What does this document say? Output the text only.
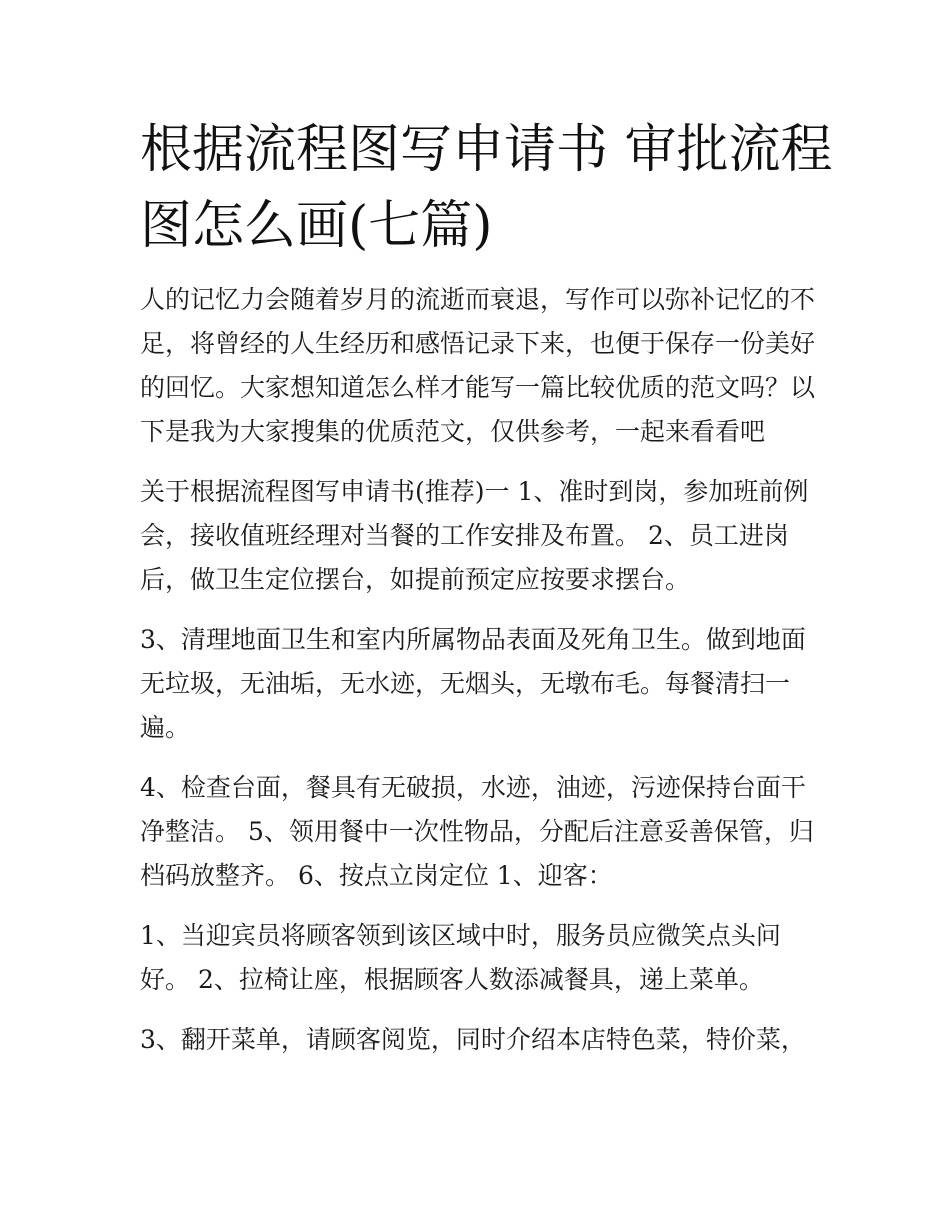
根据流程图写申请书 审批流程
图怎么画(七篇)
人的记忆力会随着岁月的流逝而衰退，写作可以弥补记忆的不
足，将曾经的人生经历和感悟记录下来，也便于保存一份美好
的回忆。大家想知道怎么样才能写一篇比较优质的范文吗？以
下是我为大家搜集的优质范文，仅供参考，一起来看看吧
关于根据流程图写申请书(推荐)一 1、准时到岗，参加班前例
会，接收值班经理对当餐的工作安排及布置。 2、员工进岗
后，做卫生定位摆台，如提前预定应按要求摆台。
3、清理地面卫生和室内所属物品表面及死角卫生。做到地面
无垃圾，无油垢，无水迹，无烟头，无墩布毛。每餐清扫一
遍。
4、检查台面，餐具有无破损，水迹，油迹，污迹保持台面干
净整洁。 5、领用餐中一次性物品，分配后注意妥善保管，归
档码放整齐。 6、按点立岗定位 1、迎客：
1、当迎宾员将顾客领到该区域中时，服务员应微笑点头问
好。 2、拉椅让座，根据顾客人数添减餐具，递上菜单。
3、翻开菜单，请顾客阅览，同时介绍本店特色菜，特价菜，
